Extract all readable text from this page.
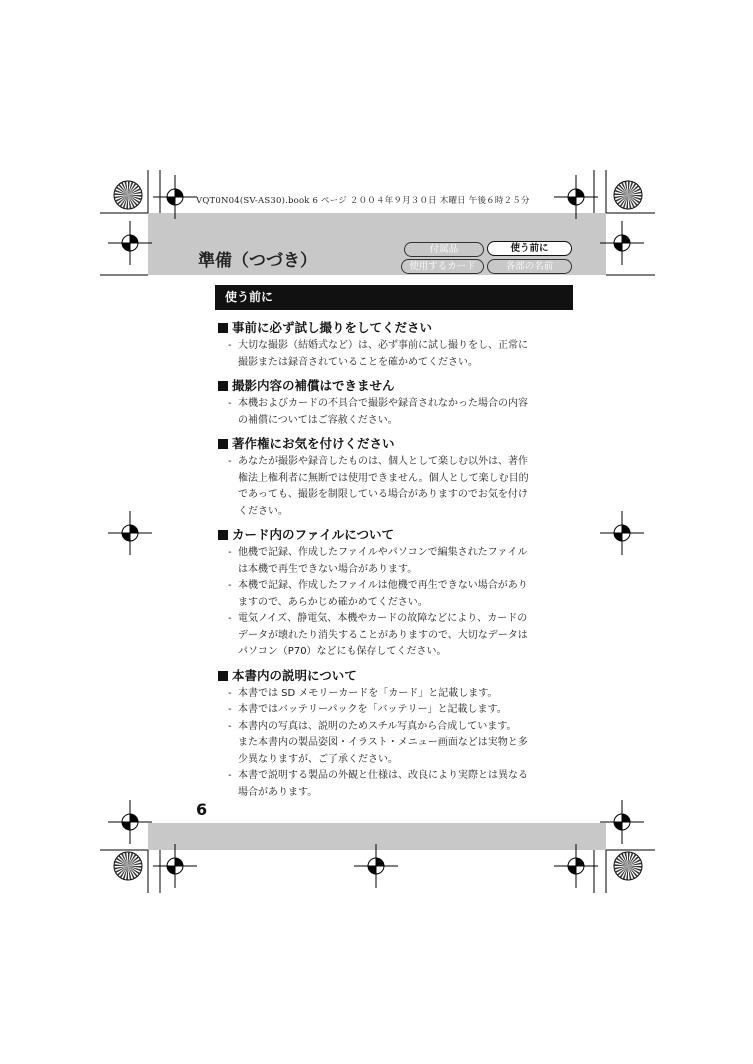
VQT0N04(SV-AS30).book 6 ページ ２００４年９月３０日 木曜日 午後６時２５分
準備（つづき）
付属品	使う前に
使用するカード	各部の名前
使う前に

事前に必ず試し撮りをしてください

- 大切な撮影（結婚式など）は、必ず事前に試し撮りをし、正常に
撮影または録音されていることを確かめてください。

撮影内容の補償はできません

- 本機およびカードの不具合で撮影や録音されなかった場合の内容
の補償についてはご容赦ください。

著作権にお気を付けください

- あなたが撮影や録音したものは、個人として楽しむ以外は、著作
権法上権利者に無断では使用できません。個人として楽しむ目的
であっても、撮影を制限している場合がありますのでお気を付け
ください。

カード内のファイルについて

- 他機で記録、作成したファイルやパソコンで編集されたファイル
は本機で再生できない場合があります。

- 本機で記録、作成したファイルは他機で再生できない場合があり
ますので、あらかじめ確かめてください。

- 電気ノイズ、静電気、本機やカードの故障などにより、カードの
データが壊れたり消失することがありますので、大切なデータは
パソコン（P70）などにも保存してください。

本書内の説明について

- 本書では SD メモリーカードを「カード」と記載します。

- 本書ではバッテリーパックを「バッテリー」と記載します。

- 本書内の写真は、説明のためスチル写真から合成しています。

また本書内の製品姿図・イラスト・メニュー画面などは実物と多
少異なりますが、ご了承ください。

- 本書で説明する製品の外観と仕様は、改良により実際とは異なる
場合があります。

6
